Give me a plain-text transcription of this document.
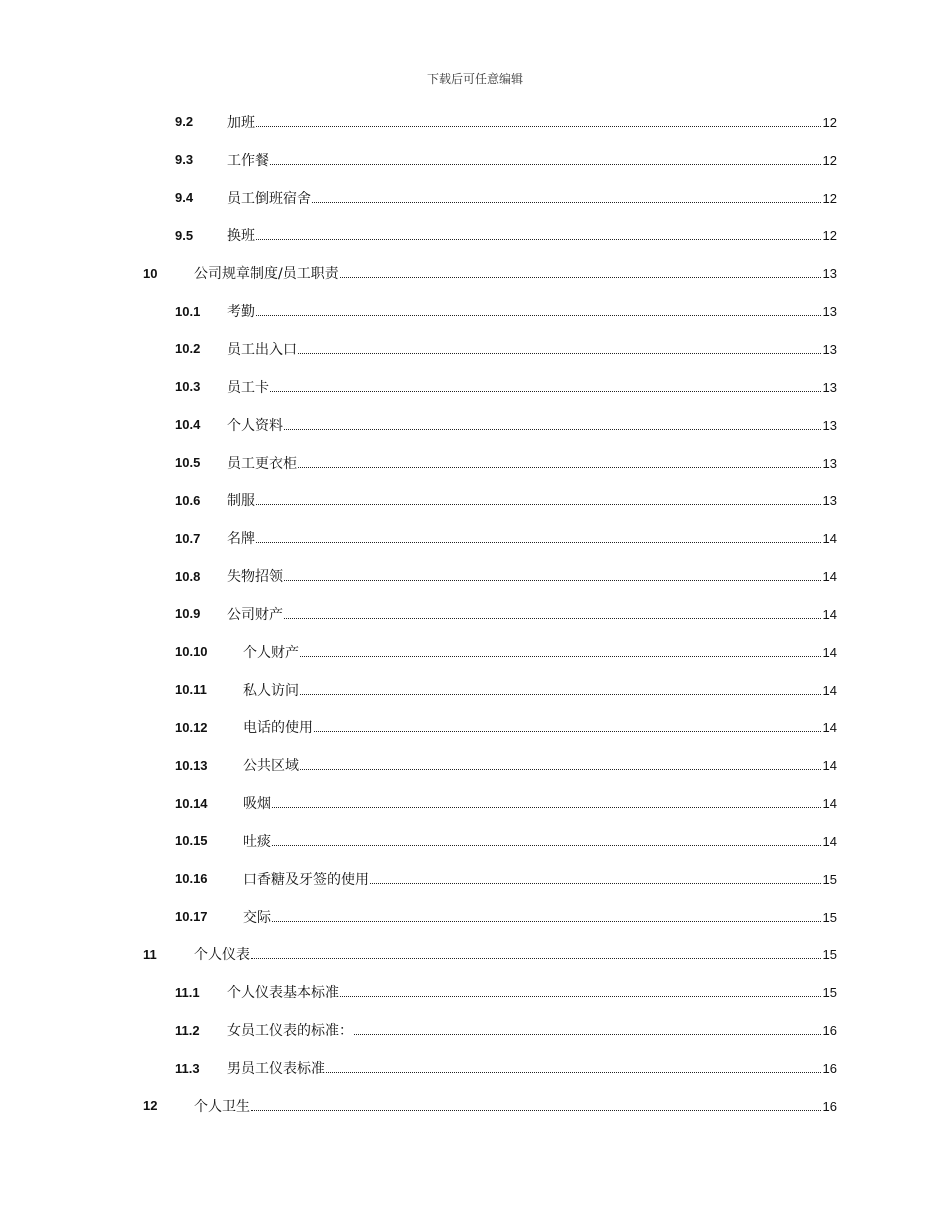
下载后可任意编辑
9.2 加班	12
9.3 工作餐	12
9.4 员工倒班宿舍	12
9.5 换班	12
10	公司规章制度/员工职责	13
10.1 考勤	13
10.2 员工出入口	13
10.3 员工卡	13
10.4 个人资料	13
10.5 员工更衣柜	13
10.6 制服	13
10.7 名牌	14
10.8 失物招领	14
10.9 公司财产	14
10.10	个人财产	14
10.11	私人访问	14
10.12	电话的使用	14
10.13	公共区域	14
10.14	吸烟	14
10.15	吐痰	14
10.16	口香糖及牙签的使用	15
10.17	交际	15
11	个人仪表	15
11.1 个人仪表基本标准	15
11.2 女员工仪表的标准：	16
11.3 男员工仪表标准	16
12	个人卫生	16
